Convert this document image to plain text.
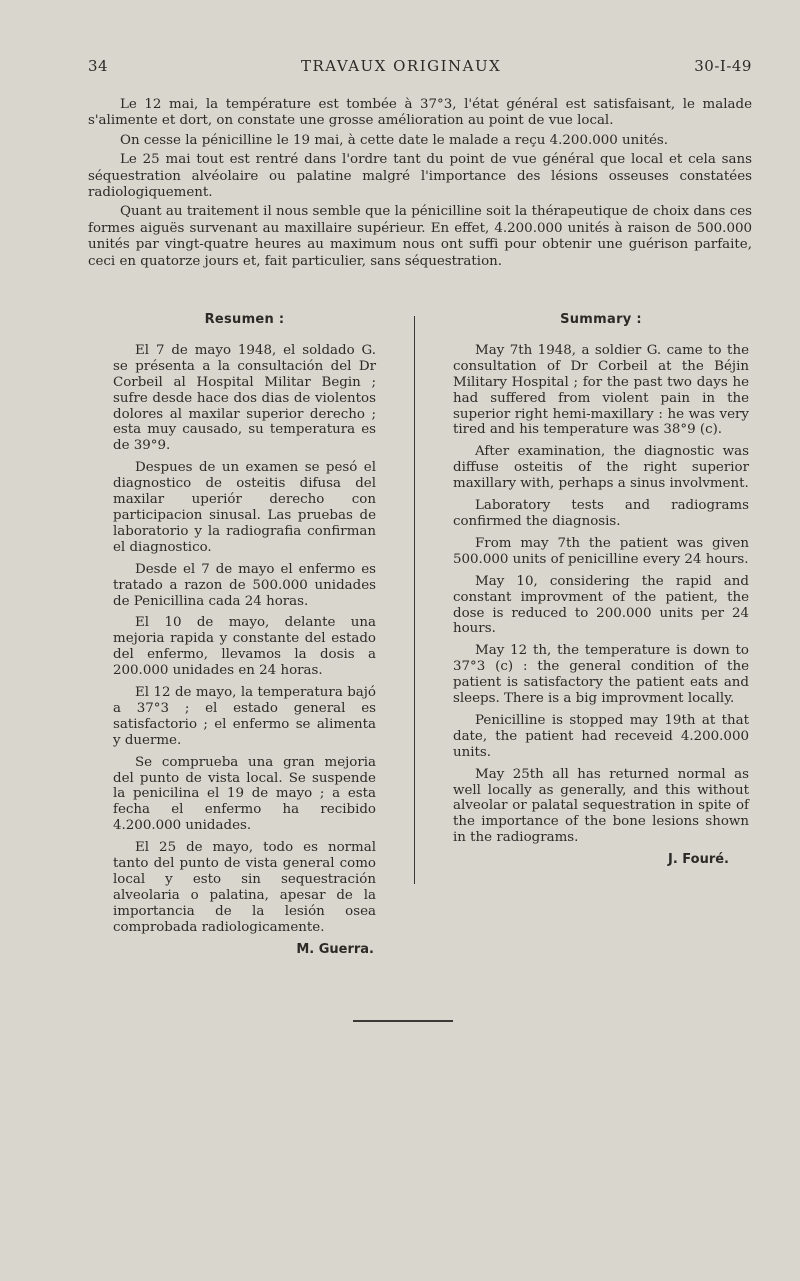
34	TRAVAUX ORIGINAUX	30-I-49

Le 12 mai, la température est tombée à 37°3, l'état général est satisfaisant, le malade s'alimente et dort, on constate une grosse amélioration au point de vue local.

On cesse la pénicilline le 19 mai, à cette date le malade a reçu 4.200.000 unités.

Le 25 mai tout est rentré dans l'ordre tant du point de vue général que local et cela sans séquestration alvéolaire ou palatine malgré l'importance des lésions osseuses constatées radiologiquement.

Quant au traitement il nous semble que la pénicilline soit la thérapeutique de choix dans ces formes aiguës survenant au maxillaire supérieur. En effet, 4.200.000 unités à raison de 500.000 unités par vingt-quatre heures au maximum nous ont suffi pour obtenir une guérison parfaite, ceci en quatorze jours et, fait particulier, sans séquestration.

Resumen :

El 7 de mayo 1948, el soldado G. se présenta a la consultación del Dr Corbeil al Hospital Militar Begin ; sufre desde hace dos dias de violentos dolores al maxilar superior derecho ; esta muy causado, su temperatura es de 39°9.

Despues de un examen se pesó el diagnostico de osteitis difusa del maxilar uperiór derecho con participacion sinusal. Las pruebas de laboratorio y la radiografia confirman el diagnostico.

Desde el 7 de mayo el enfermo es tratado a razon de 500.000 unidades de Penicillina cada 24 horas.

El 10 de mayo, delante una mejoria rapida y constante del estado del enfermo, llevamos la dosis a 200.000 unidades en 24 horas.

El 12 de mayo, la temperatura bajó a 37°3 ; el estado general es satisfactorio ; el enfermo se alimenta y duerme.

Se comprueba una gran mejoria del punto de vista local. Se suspende la penicilina el 19 de mayo ; a esta fecha el enfermo ha recibido 4.200.000 unidades.

El 25 de mayo, todo es normal tanto del punto de vista general como local y esto sin sequestración alveolaria o palatina, apesar de la importancia de la lesión osea comprobada radiologicamente.

M. Guerra.

Summary :

May 7th 1948, a soldier G. came to the consultation of Dr Corbeil at the Béjin Military Hospital ; for the past two days he had suffered from violent pain in the superior right hemi-maxillary : he was very tired and his temperature was 38°9 (c).

After examination, the diagnostic was diffuse osteitis of the right superior maxillary with, perhaps a sinus involvment.

Laboratory tests and radiograms confirmed the diagnosis.

From may 7th the patient was given 500.000 units of penicilline every 24 hours.

May 10, considering the rapid and constant improvment of the patient, the dose is reduced to 200.000 units per 24 hours.

May 12 th, the temperature is down to 37°3 (c) : the general condition of the patient is satisfactory the patient eats and sleeps. There is a big improvment locally.

Penicilline is stopped may 19th at that date, the patient had receveid 4.200.000 units.

May 25th all has returned normal as well locally as generally, and this without alveolar or palatal sequestration in spite of the importance of the bone lesions shown in the radiograms.

J. Fouré.
